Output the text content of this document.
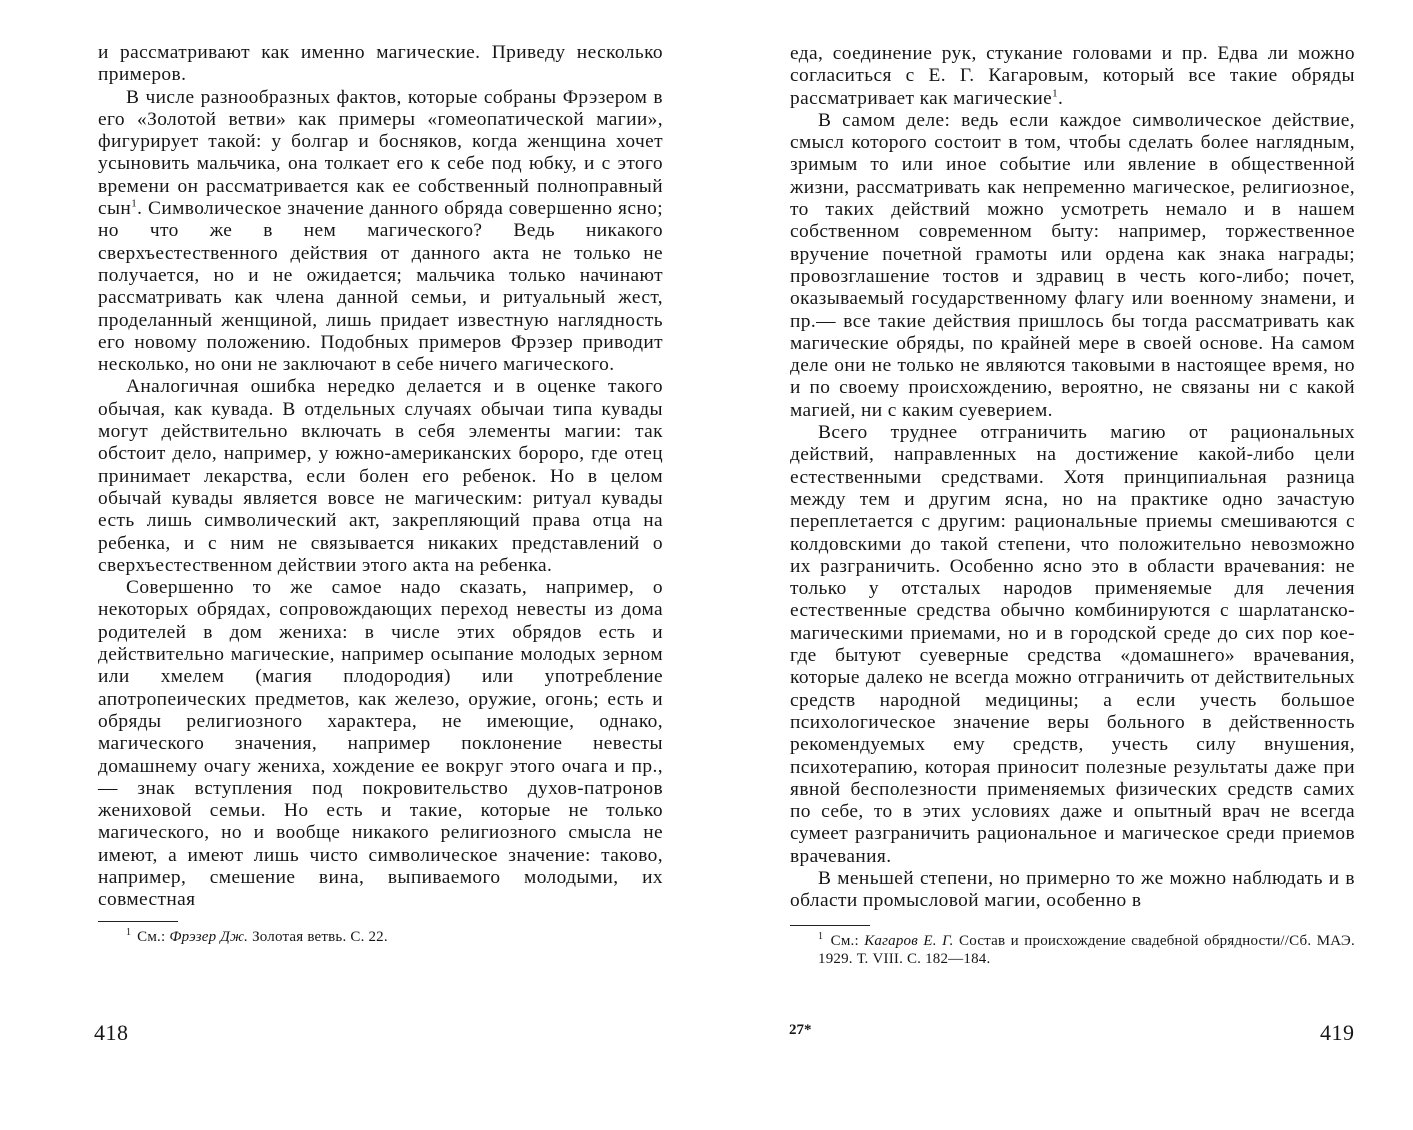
и рассматривают как именно магические. Приведу несколько примеров.

В числе разнообразных фактов, которые собраны Фрэзером в его «Золотой ветви» как примеры «гомеопатической магии», фигурирует такой: у болгар и босняков, когда женщина хочет усыновить мальчика, она толкает его к себе под юбку, и с этого времени он рассматривается как ее собственный полноправный сын$^1$. Символическое значение данного обряда совершенно ясно; но что же в нем магического? Ведь никакого сверхъестественного действия от данного акта не только не получается, но и не ожидается; мальчика только начинают рассматривать как члена данной семьи, и ритуальный жест, проделанный женщиной, лишь придает известную наглядность его новому положению. Подобных примеров Фрэзер приводит несколько, но они не заключают в себе ничего магического.

Аналогичная ошибка нередко делается и в оценке такого обычая, как кувада. В отдельных случаях обычаи типа кувады могут действительно включать в себя элементы магии: так обстоит дело, например, у южно-американских бороро, где отец принимает лекарства, если болен его ребенок. Но в целом обычай кувады является вовсе не магическим: ритуал кувады есть лишь символический акт, закрепляющий права отца на ребенка, и с ним не связывается никаких представлений о сверхъестественном действии этого акта на ребенка.

Совершенно то же самое надо сказать, например, о некоторых обрядах, сопровождающих переход невесты из дома родителей в дом жениха: в числе этих обрядов есть и действительно магические, например осыпание молодых зерном или хмелем (магия плодородия) или употребление апотропеических предметов, как железо, оружие, огонь; есть и обряды религиозного характера, не имеющие, однако, магического значения, например поклонение невесты домашнему очагу жениха, хождение ее вокруг этого очага и пр.,— знак вступления под покровительство духов-патронов жениховой семьи. Но есть и такие, которые не только магического, но и вообще никакого религиозного смысла не имеют, а имеют лишь чисто символическое значение: таково, например, смешение вина, выпиваемого молодыми, их совместная

$^1$ См.: Фрэзер Дж. Золотая ветвь. С. 22.
418

еда, соединение рук, стукание головами и пр. Едва ли можно согласиться с Е. Г. Кагаровым, который все такие обряды рассматривает как магические$^1$.

В самом деле: ведь если каждое символическое действие, смысл которого состоит в том, чтобы сделать более наглядным, зримым то или иное событие или явление в общественной жизни, рассматривать как непременно магическое, религиозное, то таких действий можно усмотреть немало и в нашем собственном современном быту: например, торжественное вручение почетной грамоты или ордена как знака награды; провозглашение тостов и здравиц в честь кого-либо; почет, оказываемый государственному флагу или военному знамени, и пр.— все такие действия пришлось бы тогда рассматривать как магические обряды, по крайней мере в своей основе. На самом деле они не только не являются таковыми в настоящее время, но и по своему происхождению, вероятно, не связаны ни с какой магией, ни с каким суеверием.

Всего труднее отграничить магию от рациональных действий, направленных на достижение какой-либо цели естественными средствами. Хотя принципиальная разница между тем и другим ясна, но на практике одно зачастую переплетается с другим: рациональные приемы смешиваются с колдовскими до такой степени, что положительно невозможно их разграничить. Особенно ясно это в области врачевания: не только у отсталых народов применяемые для лечения естественные средства обычно комбинируются с шарлатанско-магическими приемами, но и в городской среде до сих пор кое-где бытуют суеверные средства «домашнего» врачевания, которые далеко не всегда можно отграничить от действительных средств народной медицины; а если учесть большое психологическое значение веры больного в действенность рекомендуемых ему средств, учесть силу внушения, психотерапию, которая приносит полезные результаты даже при явной бесполезности применяемых физических средств самих по себе, то в этих условиях даже и опытный врач не всегда сумеет разграничить рациональное и магическое среди приемов врачевания.

В меньшей степени, но примерно то же можно наблюдать и в области промысловой магии, особенно в

$^1$ См.: Кагаров Е. Г. Состав и происхождение свадебной обрядности//Сб. МАЭ. 1929. Т. VIII. С. 182—184.
27*	419
